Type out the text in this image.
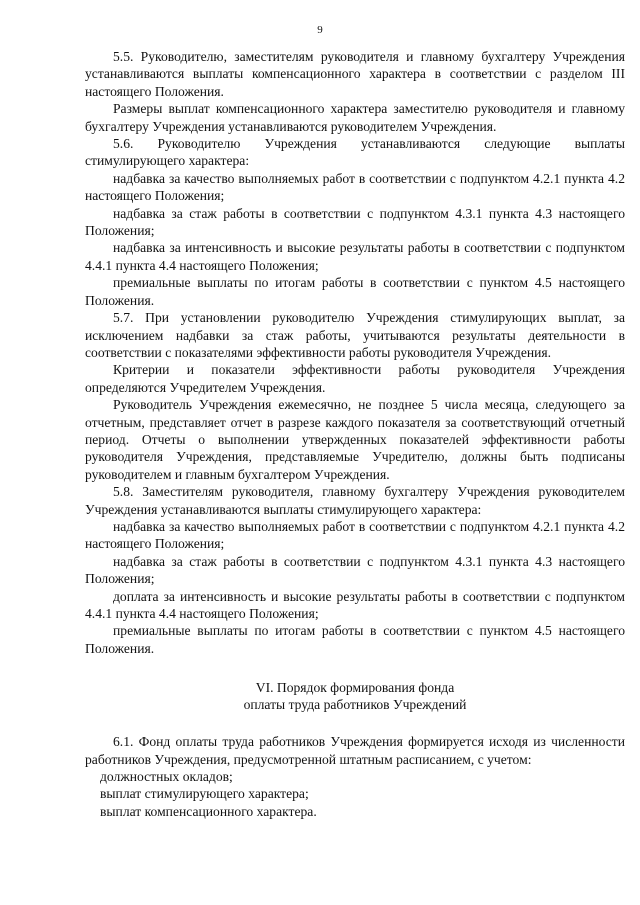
9

5.5. Руководителю, заместителям руководителя и главному бухгалтеру Учреждения устанавливаются выплаты компенсационного характера в соответствии с разделом III настоящего Положения.

Размеры выплат компенсационного характера заместителю руководителя и главному бухгалтеру Учреждения устанавливаются руководителем Учреждения.

5.6. Руководителю Учреждения устанавливаются следующие выплаты стимулирующего характера:

надбавка за качество выполняемых работ в соответствии с подпунктом 4.2.1 пункта 4.2 настоящего Положения;

надбавка за стаж работы в соответствии с подпунктом 4.3.1 пункта 4.3 настоящего Положения;

надбавка за интенсивность и высокие результаты работы в соответствии с подпунктом 4.4.1 пункта 4.4 настоящего Положения;

премиальные выплаты по итогам работы в соответствии с пунктом 4.5 настоящего Положения.

5.7. При установлении руководителю Учреждения стимулирующих выплат, за исключением надбавки за стаж работы, учитываются результаты деятельности в соответствии с показателями эффективности работы руководителя Учреждения.

Критерии и показатели эффективности работы руководителя Учреждения определяются Учредителем Учреждения.

Руководитель Учреждения ежемесячно, не позднее 5 числа месяца, следующего за отчетным, представляет отчет в разрезе каждого показателя за соответствующий отчетный период. Отчеты о выполнении утвержденных показателей эффективности работы руководителя Учреждения, представляемые Учредителю, должны быть подписаны руководителем и главным бухгалтером Учреждения.

5.8. Заместителям руководителя, главному бухгалтеру Учреждения руководителем Учреждения устанавливаются выплаты стимулирующего характера:

надбавка за качество выполняемых работ в соответствии с подпунктом 4.2.1 пункта 4.2 настоящего Положения;

надбавка за стаж работы в соответствии с подпунктом 4.3.1 пункта 4.3 настоящего Положения;

доплата за интенсивность и высокие результаты работы в соответствии с подпунктом 4.4.1 пункта 4.4 настоящего Положения;

премиальные выплаты по итогам работы в соответствии с пунктом 4.5 настоящего Положения.

VI. Порядок формирования фонда
оплаты труда работников Учреждений

6.1. Фонд оплаты труда работников Учреждения формируется исходя из численности работников Учреждения, предусмотренной штатным расписанием, с учетом:

должностных окладов;

выплат стимулирующего характера;

выплат компенсационного характера.
